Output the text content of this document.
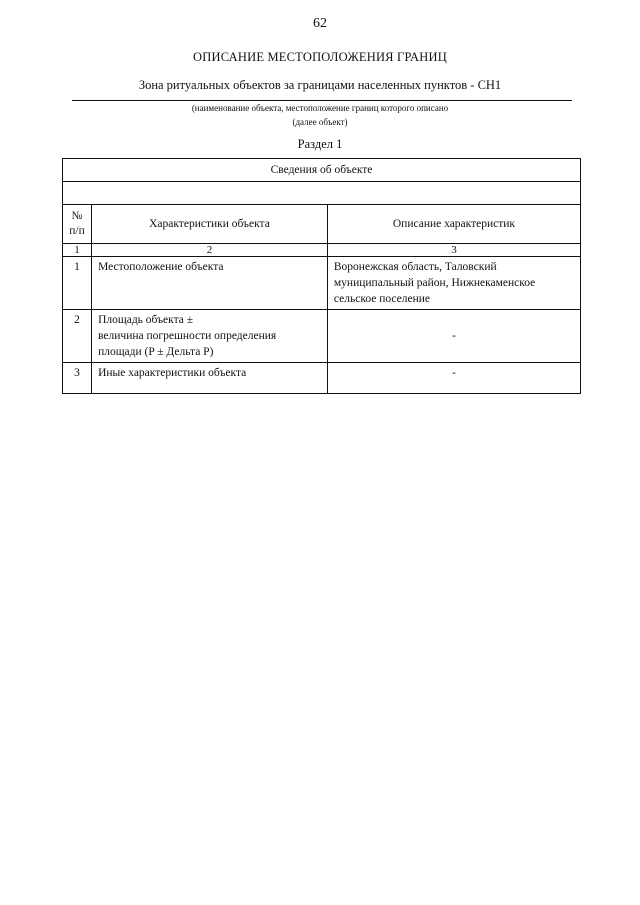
62
ОПИСАНИЕ МЕСТОПОЛОЖЕНИЯ ГРАНИЦ
Зона ритуальных объектов за границами населенных пунктов - СН1
(наименование объекта, местоположение границ которого описано
(далее объект)
Раздел 1
Сведения об объекте		

№
п/п	Характеристики объекта	Описание характеристик
1	2	3
1	Местоположение объекта	Воронежская область, Таловский муниципальный район, Нижнекаменское сельское поселение
2	Площадь объекта ±
величина погрешности определения площади (P ± Дельта P)	-
3	Иные характеристики объекта	-
